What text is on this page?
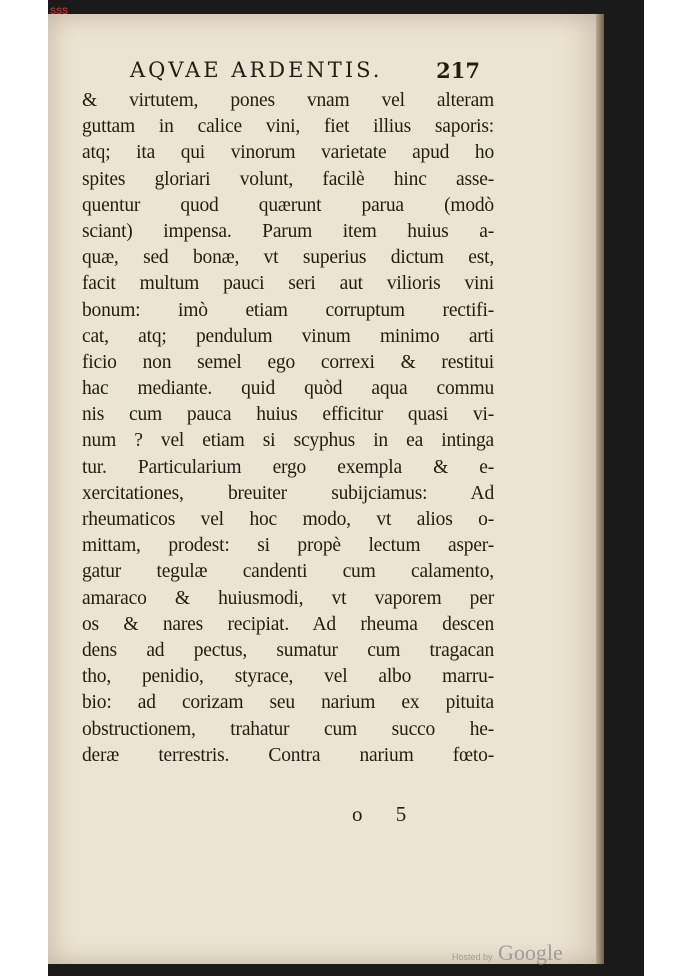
SSS
AQVAE ARDENTIS.	217
& virtutem, pones vnam vel alteram
guttam in calice vini, fiet illius saporis:
atq; ita qui vinorum varietate apud ho
spites gloriari volunt, facilè hinc asse-
quentur quod quærunt parua (modò
sciant) impensa. Parum item huius a-
quæ, sed bonæ, vt superius dictum est,
facit multum pauci seri aut vilioris vini
bonum: imò etiam corruptum rectifi-
cat, atq; pendulum vinum minimo arti
ficio non semel ego correxi & restitui
hac mediante. quid quòd aqua commu
nis cum pauca huius efficitur quasi vi-
num ? vel etiam si scyphus in ea intinga
tur. Particularium ergo exempla & e-
xercitationes, breuiter subijciamus: Ad
rheumaticos vel hoc modo, vt alios o-
mittam, prodest: si propè lectum asper-
gatur tegulæ candenti cum calamento,
amaraco & huiusmodi, vt vaporem per
os & nares recipiat. Ad rheuma descen
dens ad pectus, sumatur cum tragacan
tho, penidio, styrace, vel albo marru-
bio: ad corizam seu narium ex pituita
obstructionem, trahatur cum succo he-
deræ terrestris. Contra narium fœto-
o 5
Hosted by Google
